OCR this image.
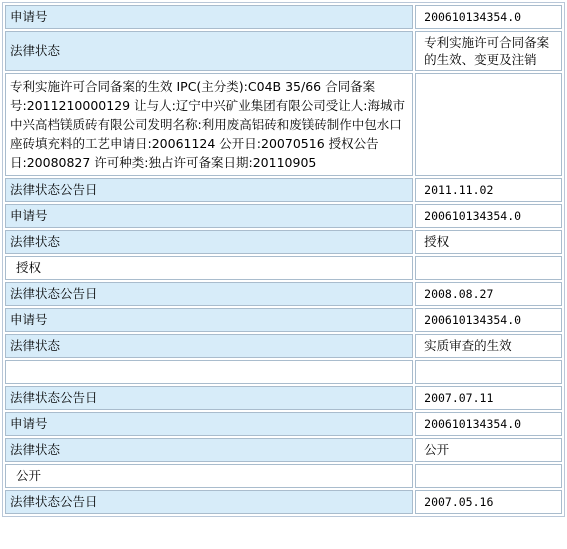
申请号	200610134354.0
法律状态	专利实施许可合同备案的生效、变更及注销
专利实施许可合同备案的生效 IPC(主分类):C04B 35/66 合同备案号:2011210000129 让与人:辽宁中兴矿业集团有限公司受让人:海城市中兴高档镁质砖有限公司发明名称:利用废高铝砖和废镁砖制作中包水口座砖填充料的工艺申请日:20061124 公开日:20070516 授权公告日:20080827 许可种类:独占许可备案日期:20110905	
法律状态公告日	2011.11.02
申请号	200610134354.0
法律状态	授权
授权	
法律状态公告日	2008.08.27
申请号	200610134354.0
法律状态	实质审查的生效

法律状态公告日	2007.07.11
申请号	200610134354.0
法律状态	公开
公开	
法律状态公告日	2007.05.16
